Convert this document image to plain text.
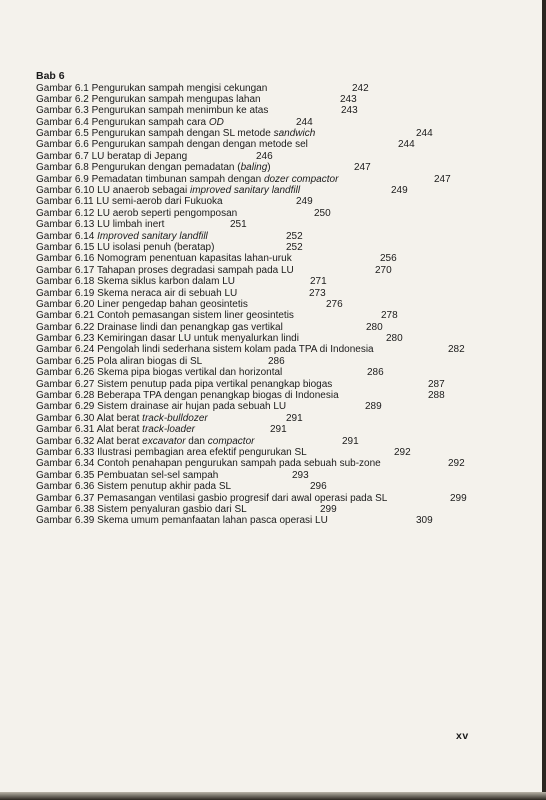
Bab 6
Gambar 6.1 Pengurukan sampah mengisi cekungan	242
Gambar 6.2 Pengurukan sampah mengupas lahan	243
Gambar 6.3 Pengurukan sampah menimbun ke atas	243
Gambar 6.4 Pengurukan sampah cara OD	244
Gambar 6.5 Pengurukan sampah dengan SL metode sandwich	244
Gambar 6.6 Pengurukan sampah dengan dengan metode sel	244
Gambar 6.7 LU beratap di Jepang	246
Gambar 6.8 Pengurukan dengan pemadatan (baling)	247
Gambar 6.9 Pemadatan timbunan sampah dengan dozer compactor	247
Gambar 6.10 LU anaerob sebagai improved sanitary landfill	249
Gambar 6.11 LU semi-aerob dari Fukuoka	249
Gambar 6.12 LU aerob seperti pengomposan	250
Gambar 6.13 LU limbah inert	251
Gambar 6.14 Improved sanitary landfill	252
Gambar 6.15 LU isolasi penuh (beratap)	252
Gambar 6.16 Nomogram penentuan kapasitas lahan-uruk	256
Gambar 6.17 Tahapan proses degradasi sampah pada LU	270
Gambar 6.18 Skema siklus karbon dalam LU	271
Gambar 6.19 Skema neraca air di sebuah LU	273
Gambar 6.20 Liner pengedap bahan geosintetis	276
Gambar 6.21 Contoh pemasangan sistem liner geosintetis	278
Gambar 6.22 Drainase lindi dan penangkap gas vertikal	280
Gambar 6.23 Kemiringan dasar LU untuk menyalurkan lindi	280
Gambar 6.24 Pengolah lindi sederhana sistem kolam pada TPA di Indonesia	282
Gambar 6.25 Pola aliran biogas di SL	286
Gambar 6.26 Skema pipa biogas vertikal dan horizontal	286
Gambar 6.27 Sistem penutup pada pipa vertikal penangkap biogas	287
Gambar 6.28 Beberapa TPA dengan penangkap biogas di Indonesia	288
Gambar 6.29 Sistem drainase air hujan pada sebuah LU	289
Gambar 6.30 Alat berat track-bulldozer	291
Gambar 6.31 Alat berat track-loader	291
Gambar 6.32 Alat berat excavator dan compactor	291
Gambar 6.33 Ilustrasi pembagian area efektif pengurukan SL	292
Gambar 6.34 Contoh penahapan pengurukan sampah pada sebuah sub-zone	292
Gambar 6.35 Pembuatan sel-sel sampah	293
Gambar 6.36 Sistem penutup akhir pada SL	296
Gambar 6.37 Pemasangan ventilasi gasbio progresif dari awal operasi pada SL	299
Gambar 6.38 Sistem penyaluran gasbio dari SL	299
Gambar 6.39 Skema umum pemanfaatan lahan pasca operasi LU	309
xv
